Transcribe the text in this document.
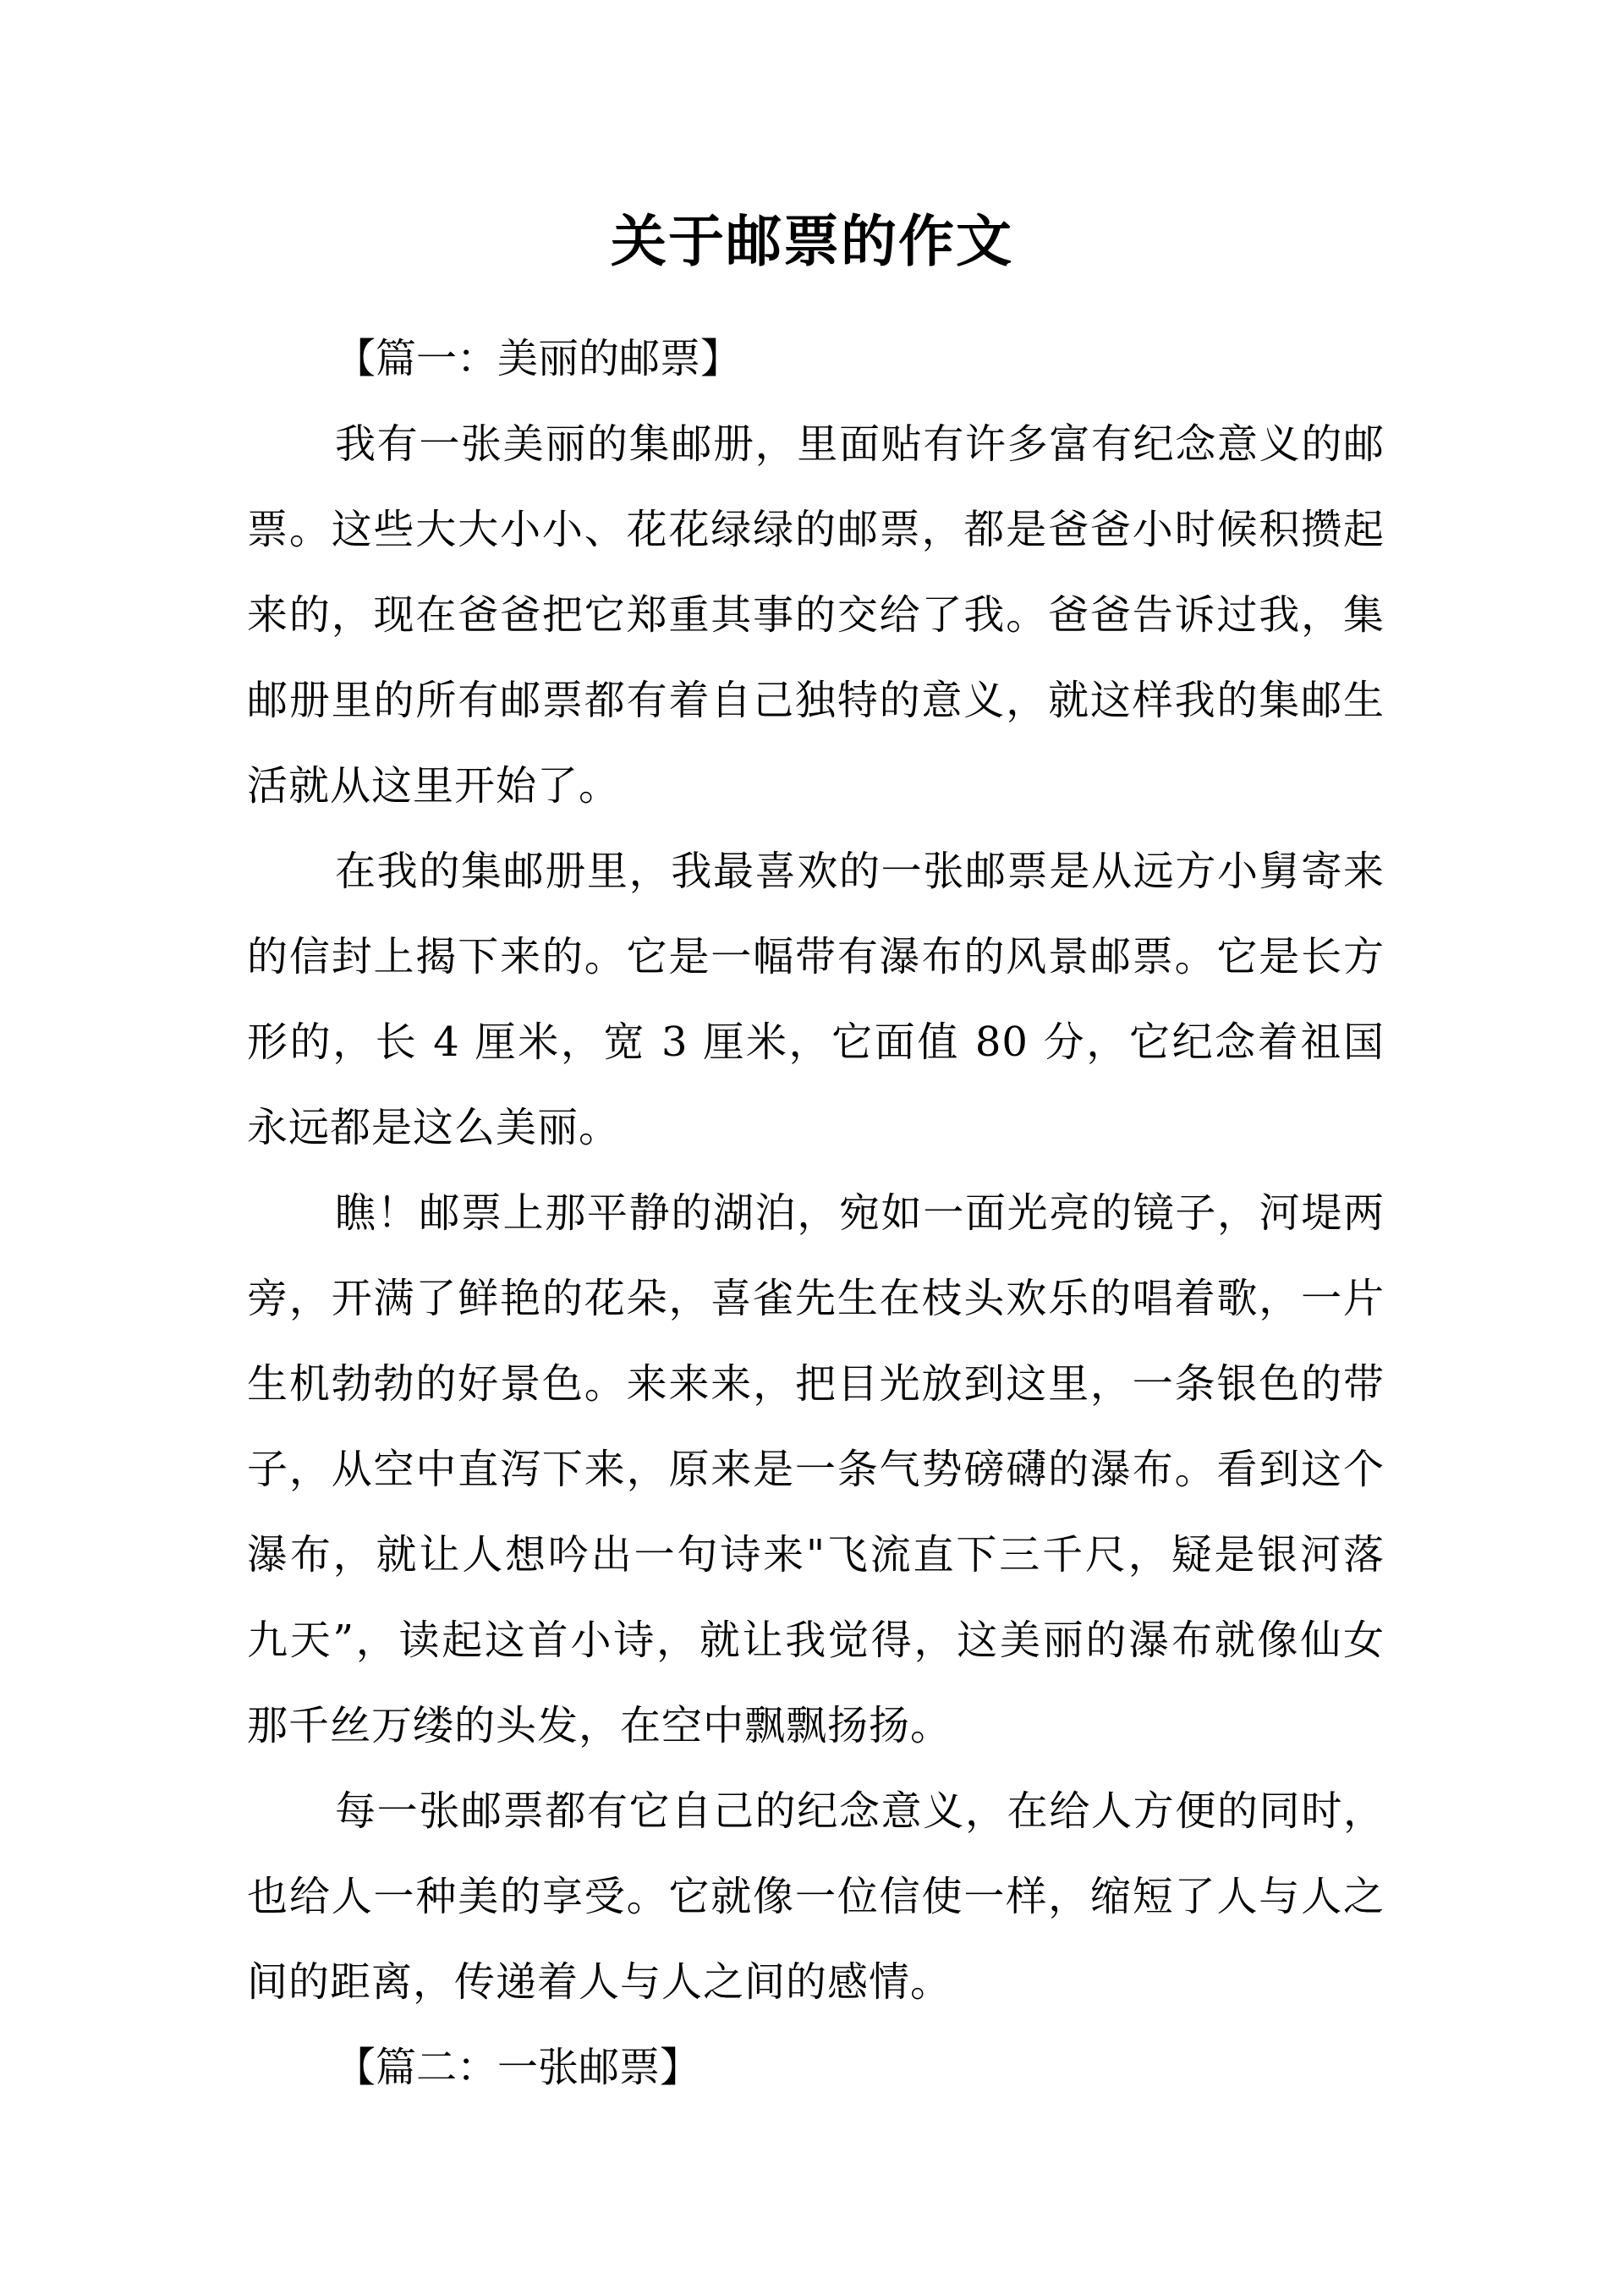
关于邮票的作文

【篇一：美丽的邮票】

我有一张美丽的集邮册，里面贴有许多富有纪念意义的邮票。这些大大小小、花花绿绿的邮票，都是爸爸小时候积攒起来的，现在爸爸把它郑重其事的交给了我。爸爸告诉过我，集邮册里的所有邮票都有着自己独特的意义，就这样我的集邮生活就从这里开始了。

在我的集邮册里，我最喜欢的一张邮票是从远方小舅寄来的信封上揭下来的。它是一幅带有瀑布的风景邮票。它是长方形的，长 4 厘米，宽 3 厘米，它面值 80 分，它纪念着祖国永远都是这么美丽。

瞧！邮票上那平静的湖泊，宛如一面光亮的镜子，河堤两旁，开满了鲜艳的花朵，喜雀先生在枝头欢乐的唱着歌，一片生机勃勃的好景色。来来来，把目光放到这里，一条银色的带子，从空中直泻下来，原来是一条气势磅礴的瀑布。看到这个瀑布，就让人想吟出一句诗来"飞流直下三千尺，疑是银河落九天”，读起这首小诗，就让我觉得，这美丽的瀑布就像仙女那千丝万缕的头发，在空中飘飘扬扬。

每一张邮票都有它自己的纪念意义，在给人方便的同时，也给人一种美的享受。它就像一位信使一样，缩短了人与人之间的距离，传递着人与人之间的感情。

【篇二：一张邮票】
